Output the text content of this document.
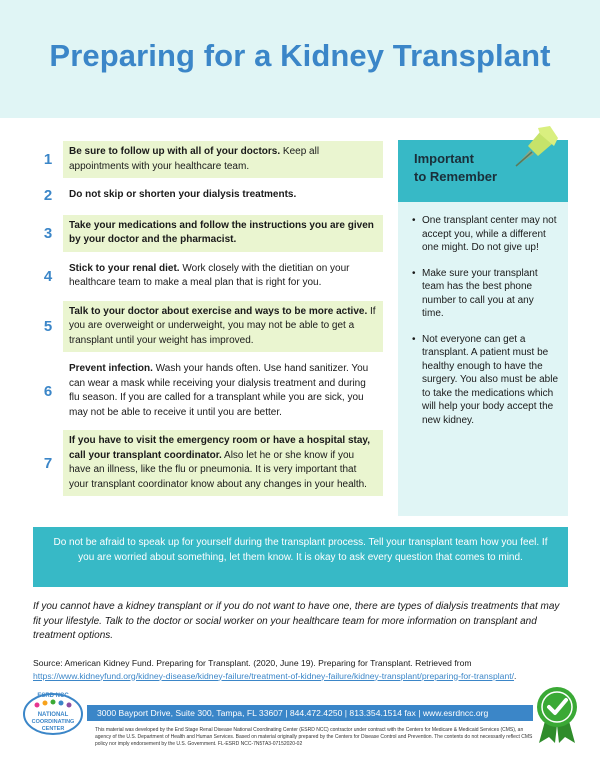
Preparing for a Kidney Transplant
1	Be sure to follow up with all of your doctors. Keep all appointments with your healthcare team.
2	Do not skip or shorten your dialysis treatments.
3	Take your medications and follow the instructions you are given by your doctor and the pharmacist.
4	Stick to your renal diet. Work closely with the dietitian on your healthcare team to make a meal plan that is right for you.
5
Talk to your doctor about exercise and ways to be more active. If you are overweight or underweight, you may not be able to get a transplant until your weight has improved.
6
Prevent infection. Wash your hands often. Use hand sanitizer. You can wear a mask while receiving your dialysis treatment and during flu season. If you are called for a transplant while you are sick, you may not be able to receive it until you are better.
7
If you have to visit the emergency room or have a hospital stay, call your transplant coordinator. Also let he or she know if you have an illness, like the flu or pneumonia. It is very important that your transplant coordinator know about any changes in your health.
Important
to Remember
• One transplant center may not accept you, while a different one might. Do not give up!
• Make sure your transplant team has the best phone number to call you at any time.
• Not everyone can get a transplant. A patient must be healthy enough to have the surgery. You also must be able to take the medications which will help your body accept the new kidney.
Do not be afraid to speak up for yourself during the transplant process. Tell your transplant team how you feel. If you are worried about something, let them know. It is okay to ask every question that comes to mind.

If you cannot have a kidney transplant or if you do not want to have one, there are types of dialysis treatments that may fit your lifestyle. Talk to the doctor or social worker on your healthcare team for more information on transplant and treatment options.

Source: American Kidney Fund. Preparing for Transplant. (2020, June 19). Preparing for Transplant. Retrieved from https://www.kidneyfund.org/kidney-disease/kidney-failure/treatment-of-kidney-failure/kidney-transplant/preparing-for-transplant/.

ESRD NCC
NATIONAL
COORDINATING
CENTER
3000 Bayport Drive, Suite 300, Tampa, FL 33607 | 844.472.4250 | 813.354.1514 fax | www.esrdncc.org

This material was developed by the End Stage Renal Disease National Coordinating Center (ESRD NCC) contractor under contract with the Centers for Medicare & Medicaid Services (CMS), an agency of the U.S. Department of Health and Human Services. Based on material originally prepared by the Centers for Disease Control and Prevention. The contents do not necessarily reflect CMS policy nor imply endorsement by the U.S. Government. FL-ESRD NCC-7N5TA3-07152020-02
